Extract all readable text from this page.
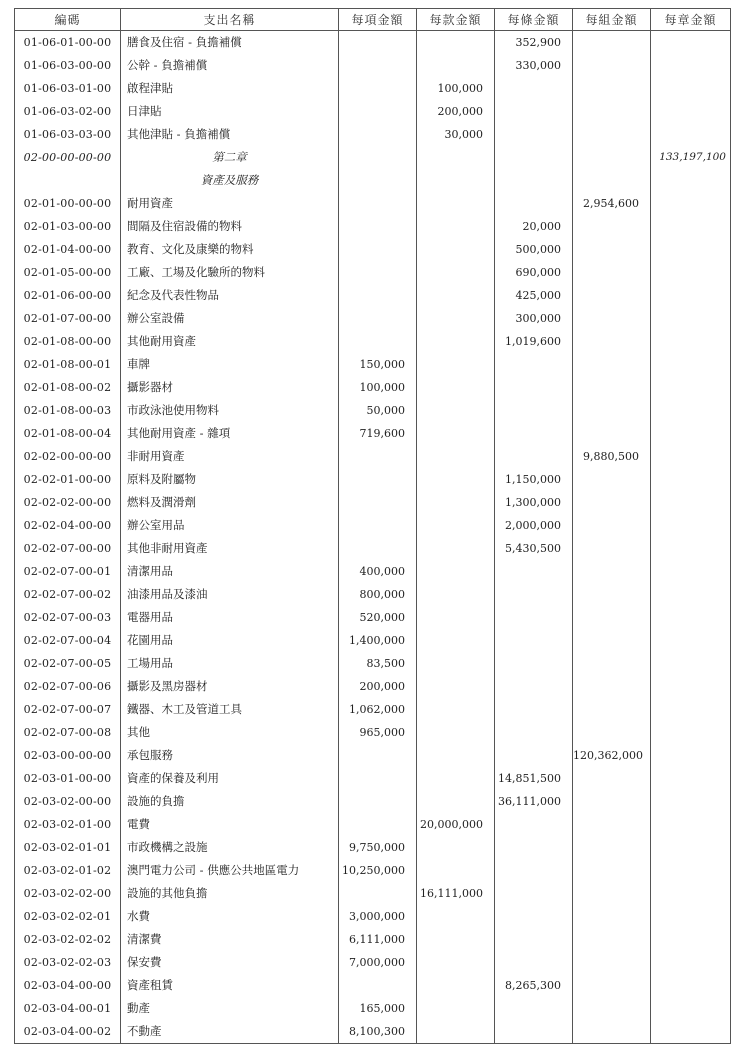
編碼	支出名稱	每項金額	每款金額	每條金額	每組金額	每章金額
01-06-01-00-00	膳食及住宿 - 負擔補償			352,900		
01-06-03-00-00	公幹 - 負擔補償			330,000		
01-06-03-01-00	啟程津貼		100,000			
01-06-03-02-00	日津貼		200,000			
01-06-03-03-00	其他津貼 - 負擔補償		30,000			
02-00-00-00-00	第二章					133,197,100
	資產及服務					
02-01-00-00-00	耐用資產				2,954,600	
02-01-03-00-00	間隔及住宿設備的物料			20,000		
02-01-04-00-00	教育、文化及康樂的物料			500,000		
02-01-05-00-00	工廠、工場及化驗所的物料			690,000		
02-01-06-00-00	紀念及代表性物品			425,000		
02-01-07-00-00	辦公室設備			300,000		
02-01-08-00-00	其他耐用資產			1,019,600		
02-01-08-00-01	車牌	150,000				
02-01-08-00-02	攝影器材	100,000				
02-01-08-00-03	市政泳池使用物料	50,000				
02-01-08-00-04	其他耐用資產 - 雜項	719,600				
02-02-00-00-00	非耐用資產				9,880,500	
02-02-01-00-00	原料及附屬物			1,150,000		
02-02-02-00-00	燃料及潤滑劑			1,300,000		
02-02-04-00-00	辦公室用品			2,000,000		
02-02-07-00-00	其他非耐用資產			5,430,500		
02-02-07-00-01	清潔用品	400,000				
02-02-07-00-02	油漆用品及漆油	800,000				
02-02-07-00-03	電器用品	520,000				
02-02-07-00-04	花園用品	1,400,000				
02-02-07-00-05	工場用品	83,500				
02-02-07-00-06	攝影及黑房器材	200,000				
02-02-07-00-07	鐵器、木工及管道工具	1,062,000				
02-02-07-00-08	其他	965,000				
02-03-00-00-00	承包服務				120,362,000	
02-03-01-00-00	資產的保養及利用			14,851,500		
02-03-02-00-00	設施的負擔			36,111,000		
02-03-02-01-00	電費		20,000,000			
02-03-02-01-01	市政機構之設施	9,750,000				
02-03-02-01-02	澳門電力公司 - 供應公共地區電力	10,250,000				
02-03-02-02-00	設施的其他負擔		16,111,000			
02-03-02-02-01	水費	3,000,000				
02-03-02-02-02	清潔費	6,111,000				
02-03-02-02-03	保安費	7,000,000				
02-03-04-00-00	資產租賃			8,265,300		
02-03-04-00-01	動產	165,000				
02-03-04-00-02	不動產	8,100,300				
